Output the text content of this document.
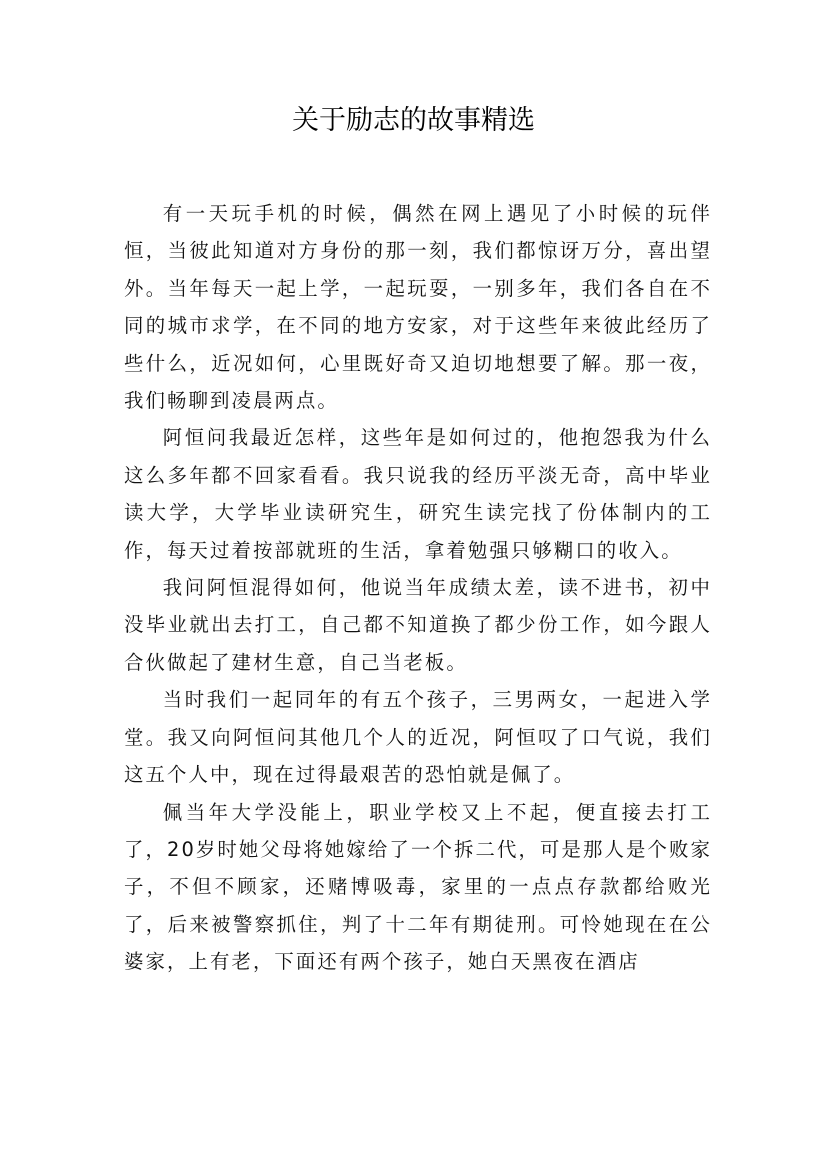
关于励志的故事精选

有一天玩手机的时候，偶然在网上遇见了小时候的玩伴恒，当彼此知道对方身份的那一刻，我们都惊讶万分，喜出望外。当年每天一起上学，一起玩耍，一别多年，我们各自在不同的城市求学，在不同的地方安家，对于这些年来彼此经历了些什么，近况如何，心里既好奇又迫切地想要了解。那一夜，我们畅聊到凌晨两点。

阿恒问我最近怎样，这些年是如何过的，他抱怨我为什么这么多年都不回家看看。我只说我的经历平淡无奇，高中毕业读大学，大学毕业读研究生，研究生读完找了份体制内的工作，每天过着按部就班的生活，拿着勉强只够糊口的收入。

我问阿恒混得如何，他说当年成绩太差，读不进书，初中没毕业就出去打工，自己都不知道换了都少份工作，如今跟人合伙做起了建材生意，自己当老板。

当时我们一起同年的有五个孩子，三男两女，一起进入学堂。我又向阿恒问其他几个人的近况，阿恒叹了口气说，我们这五个人中，现在过得最艰苦的恐怕就是佩了。

佩当年大学没能上，职业学校又上不起，便直接去打工了，20岁时她父母将她嫁给了一个拆二代，可是那人是个败家子，不但不顾家，还赌博吸毒，家里的一点点存款都给败光了，后来被警察抓住，判了十二年有期徒刑。可怜她现在在公婆家，上有老，下面还有两个孩子，她白天黑夜在酒店
